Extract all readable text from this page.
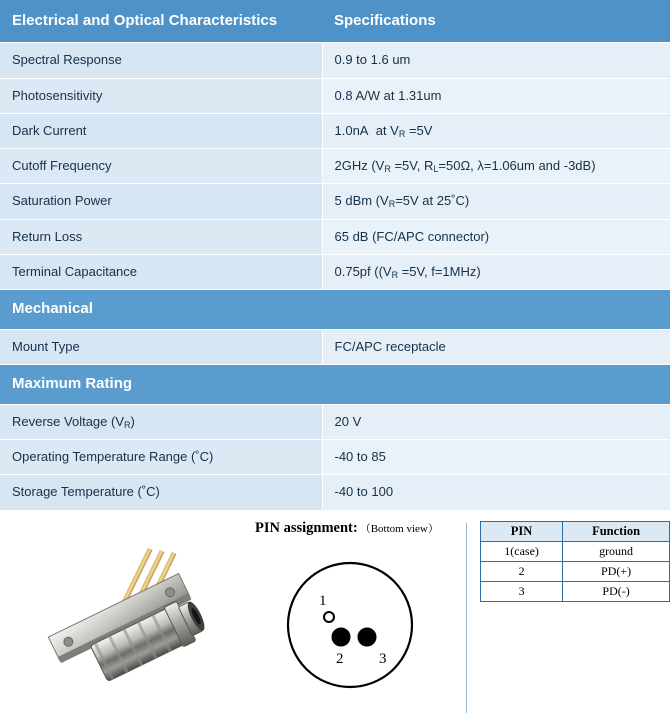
Electrical and Optical Characteristics	Specifications
Spectral Response	0.9 to 1.6 um
Photosensitivity	0.8 A/W at 1.31um
Dark Current	1.0nA  at VR =5V
Cutoff Frequency	2GHz (VR =5V, RL=50Ω, λ=1.06um and -3dB)
Saturation Power	5 dBm (VR=5V at 25˚C)
Return Loss	65 dB (FC/APC connector)
Terminal Capacitance	0.75pf ((VR =5V, f=1MHz)
Mechanical	
Mount Type	FC/APC receptacle
Maximum Rating	
Reverse Voltage (VR)	20 V
Operating Temperature Range (˚C)	-40 to 85
Storage Temperature (˚C)	-40 to 100
PIN assignment: （Bottom view）
1
2 3
PIN	Function
1(case)	ground
2	PD(+)
3	PD(-)
